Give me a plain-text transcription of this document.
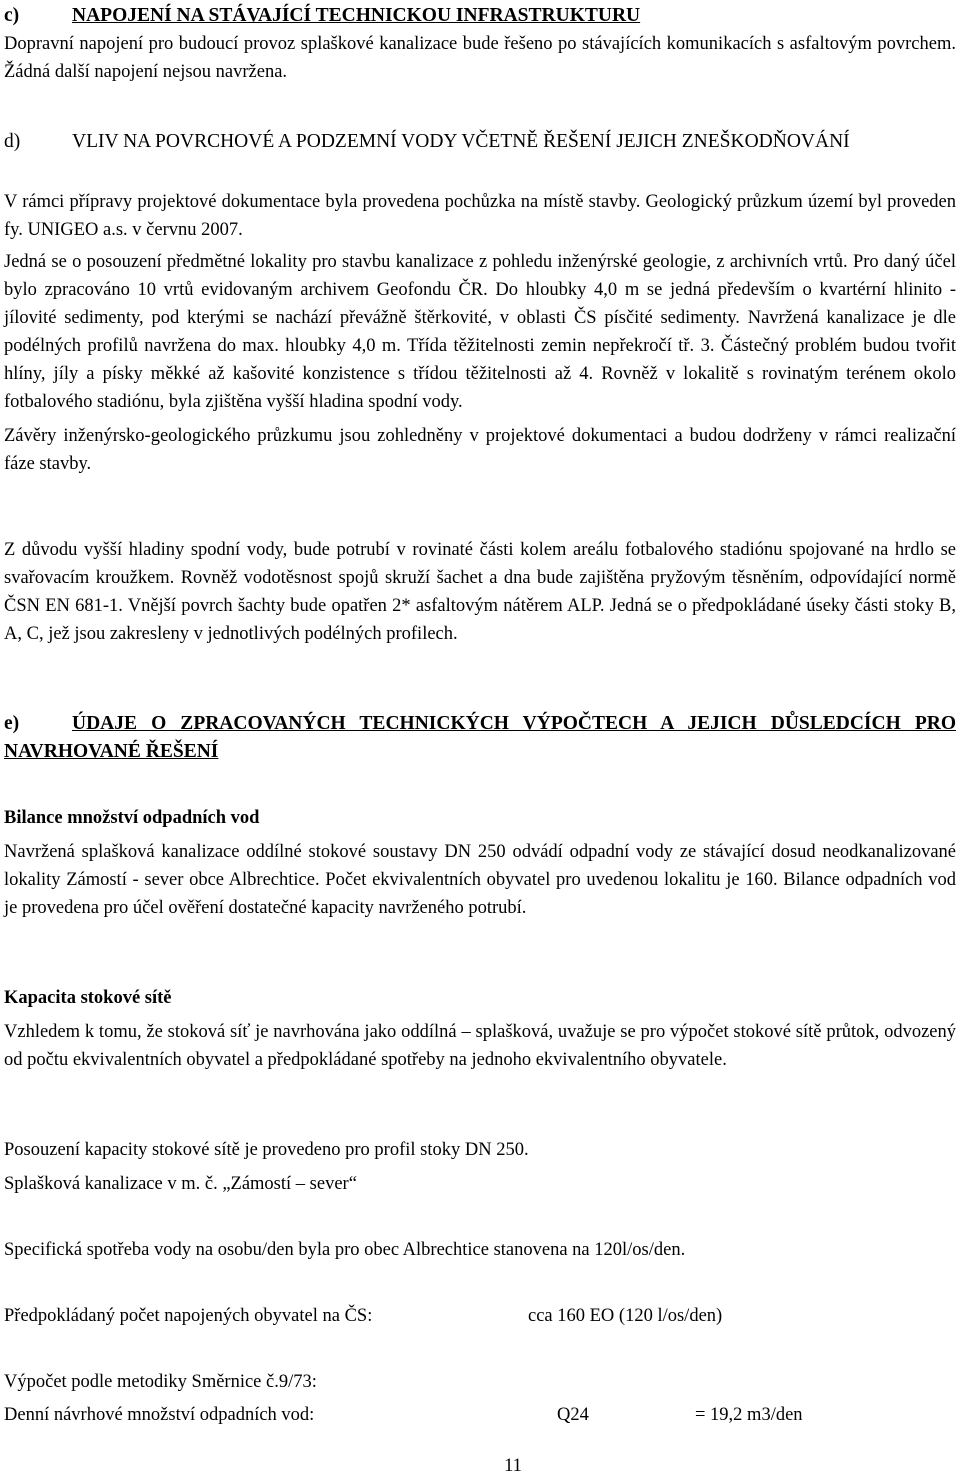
c)	NAPOJENÍ NA STÁVAJÍCÍ TECHNICKOU INFRASTRUKTURU

Dopravní napojení pro budoucí provoz splaškové kanalizace bude řešeno po stávajících komunikacích s asfaltovým povrchem. Žádná další napojení nejsou navržena.

d)	VLIV NA POVRCHOVÉ A PODZEMNÍ VODY VČETNĚ ŘEŠENÍ JEJICH ZNEŠKODŇOVÁNÍ

V rámci přípravy projektové dokumentace byla provedena pochůzka na místě stavby. Geologický průzkum území byl proveden fy. UNIGEO a.s. v červnu 2007.

Jedná se o posouzení předmětné lokality pro stavbu kanalizace z pohledu inženýrské geologie, z archivních vrtů. Pro daný účel bylo zpracováno 10 vrtů evidovaným archivem Geofondu ČR. Do hloubky 4,0 m se jedná především o kvartérní hlinito - jílovité sedimenty, pod kterými se nachází převážně štěrkovité, v oblasti ČS písčité sedimenty. Navržená kanalizace je dle podélných profilů navržena do max. hloubky 4,0 m. Třída těžitelnosti zemin nepřekročí tř. 3. Částečný problém budou tvořit hlíny, jíly a písky měkké až kašovité konzistence s třídou těžitelnosti až 4. Rovněž v lokalitě s rovinatým terénem okolo fotbalového stadiónu, byla zjištěna vyšší hladina spodní vody.

Závěry inženýrsko-geologického průzkumu jsou zohledněny v projektové dokumentaci a budou dodrženy v rámci realizační fáze stavby.

Z důvodu vyšší hladiny spodní vody, bude potrubí v rovinaté části kolem areálu fotbalového stadiónu spojované na hrdlo se svařovacím kroužkem. Rovněž vodotěsnost spojů skruží šachet a dna bude zajištěna pryžovým těsněním, odpovídající normě ČSN EN 681-1. Vnější povrch šachty bude opatřen 2* asfaltovým nátěrem ALP. Jedná se o předpokládané úseky části stoky B, A, C, jež jsou zakresleny v jednotlivých podélných profilech.

e)	ÚDAJE O ZPRACOVANÝCH TECHNICKÝCH VÝPOČTECH A JEJICH DŮSLEDCÍCH PRO NAVRHOVANÉ ŘEŠENÍ
Bilance množství odpadních vod

Navržená splašková kanalizace oddílné stokové soustavy DN 250 odvádí odpadní vody ze stávající dosud neodkanalizované lokality Zámostí - sever obce Albrechtice. Počet ekvivalentních obyvatel pro uvedenou lokalitu je 160. Bilance odpadních vod je provedena pro účel ověření dostatečné kapacity navrženého potrubí.

Kapacita stokové sítě

Vzhledem k tomu, že stoková síť je navrhována jako oddílná – splašková, uvažuje se pro výpočet stokové sítě průtok, odvozený od počtu ekvivalentních obyvatel a předpokládané spotřeby na jednoho ekvivalentního obyvatele.

Posouzení kapacity stokové sítě je provedeno pro profil stoky DN 250.
Splašková kanalizace v m. č. „Zámostí – sever“
Specifická spotřeba vody na osobu/den byla pro obec Albrechtice stanovena na 120l/os/den.
Předpokládaný počet napojených obyvatel na ČS:	cca 160 EO (120 l/os/den)
Výpočet podle metodiky Směrnice č.9/73:
Denní návrhové množství odpadních vod:	Q24	= 19,2 m3/den
11
